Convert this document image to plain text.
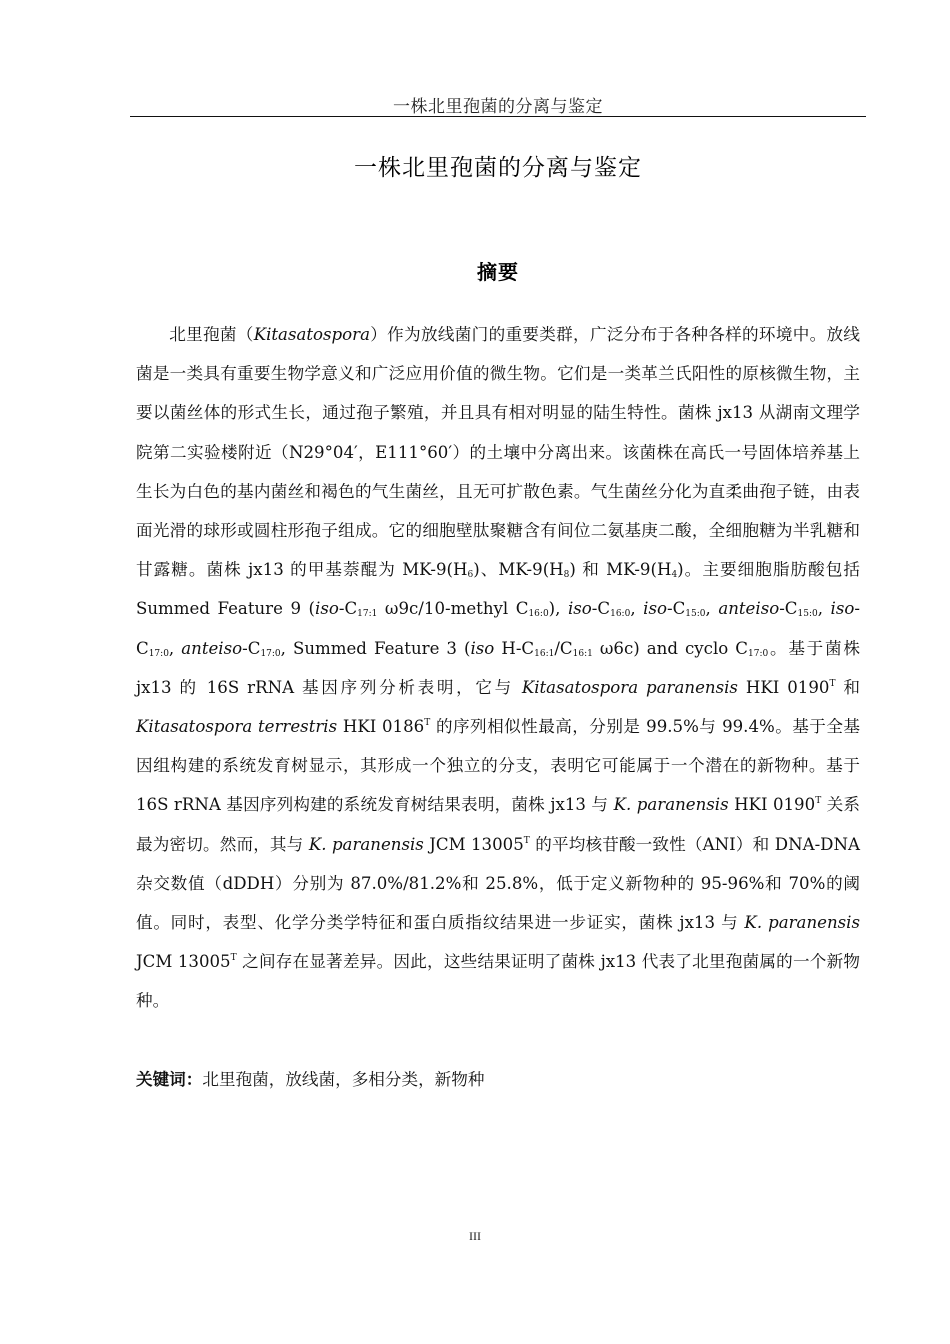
一株北里孢菌的分离与鉴定
一株北里孢菌的分离与鉴定
摘要

北里孢菌（Kitasatospora）作为放线菌门的重要类群，广泛分布于各种各样的环境中。放线菌是一类具有重要生物学意义和广泛应用价值的微生物。它们是一类革兰氏阳性的原核微生物，主要以菌丝体的形式生长，通过孢子繁殖，并且具有相对明显的陆生特性。菌株 jx13 从湖南文理学院第二实验楼附近（N29°04′，E111°60′）的土壤中分离出来。该菌株在高氏一号固体培养基上生长为白色的基内菌丝和褐色的气生菌丝，且无可扩散色素。气生菌丝分化为直柔曲孢子链，由表面光滑的球形或圆柱形孢子组成。它的细胞壁肽聚糖含有间位二氨基庚二酸，全细胞糖为半乳糖和甘露糖。菌株 jx13 的甲基萘醌为 $MK-9(H_6)$、$MK-9(H_8)$ 和 $MK-9(H_4)$。主要细胞脂肪酸包括 Summed Feature 9 ($iso-C_{17:1}$ ω9c/10-methyl $C_{16:0}$), iso-$C_{16:0}$, iso-$C_{15:0}$, anteiso-$C_{15:0}$, iso-$C_{17:0}$, anteiso-$C_{17:0}$, Summed Feature 3 (iso $H-C_{16:1}/C_{16:1}$ ω6c) and cyclo $C_{17:0}$。基于菌株 jx13 的 16S rRNA 基因序列分析表明，它与 Kitasatospora paranensis HKI $0190^T$ 和 Kitasatospora terrestris HKI $0186^T$ 的序列相似性最高，分别是 99.5%与 99.4%。基于全基因组构建的系统发育树显示，其形成一个独立的分支，表明它可能属于一个潜在的新物种。基于 16S rRNA 基因序列构建的系统发育树结果表明，菌株 jx13 与 K. paranensis HKI $0190^T$ 关系最为密切。然而，其与 K. paranensis JCM $13005^T$ 的平均核苷酸一致性（ANI）和 DNA-DNA 杂交数值（dDDH）分别为 87.0%/81.2%和 25.8%，低于定义新物种的 95-96%和 70%的阈值。同时，表型、化学分类学特征和蛋白质指纹结果进一步证实，菌株 jx13 与 K. paranensis JCM $13005^T$ 之间存在显著差异。因此，这些结果证明了菌株 jx13 代表了北里孢菌属的一个新物种。

关键词：北里孢菌，放线菌，多相分类，新物种
III
